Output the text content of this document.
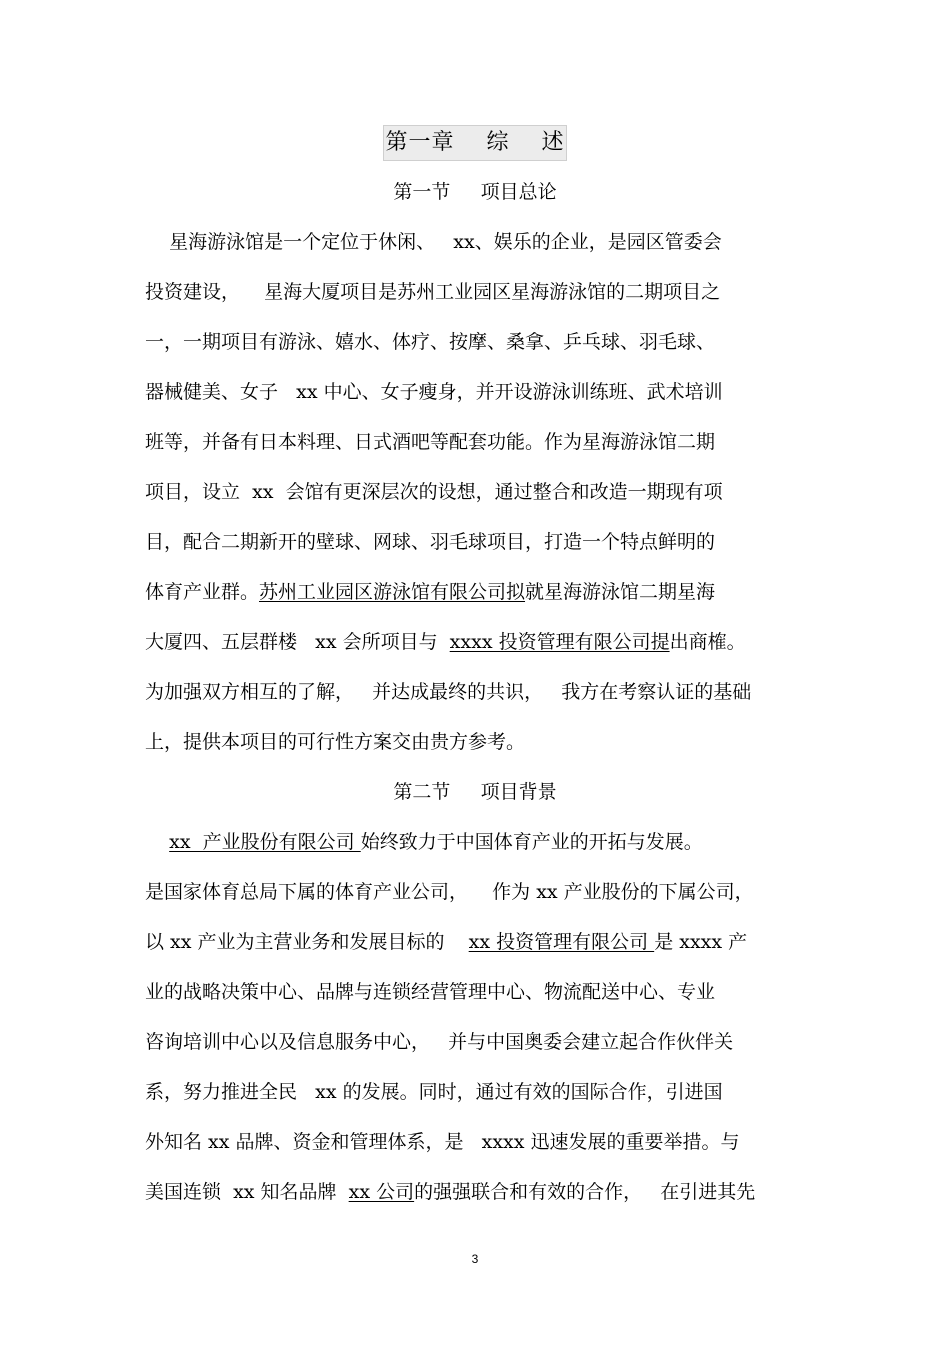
第一章    综    述
第一节     项目总论
星海游泳馆是一个定位于休闲、   xx、娱乐的企业，是园区管委会
投资建设，    星海大厦项目是苏州工业园区星海游泳馆的二期项目之
一，一期项目有游泳、嬉水、体疗、按摩、桑拿、乒乓球、羽毛球、
器械健美、女子   xx 中心、女子瘦身，并开设游泳训练班、武术培训
班等，并备有日本料理、日式酒吧等配套功能。作为星海游泳馆二期
项目，设立  xx  会馆有更深层次的设想，通过整合和改造一期现有项
目，配合二期新开的壁球、网球、羽毛球项目，打造一个特点鲜明的
体育产业群。苏州工业园区游泳馆有限公司拟就星海游泳馆二期星海
大厦四、五层群楼   xx 会所项目与  xxxx 投资管理有限公司提出商榷。
为加强双方相互的了解，   并达成最终的共识，   我方在考察认证的基础
上，提供本项目的可行性方案交由贵方参考。
第二节     项目背景
xx  产业股份有限公司 始终致力于中国体育产业的开拓与发展。
是国家体育总局下属的体育产业公司，    作为 xx 产业股份的下属公司，
以 xx 产业为主营业务和发展目标的    xx 投资管理有限公司 是 xxxx 产
业的战略决策中心、品牌与连锁经营管理中心、物流配送中心、专业
咨询培训中心以及信息服务中心，   并与中国奥委会建立起合作伙伴关
系，努力推进全民   xx 的发展。同时，通过有效的国际合作，引进国
外知名 xx 品牌、资金和管理体系，是   xxxx 迅速发展的重要举措。与
美国连锁  xx 知名品牌  xx 公司的强强联合和有效的合作，   在引进其先
3
